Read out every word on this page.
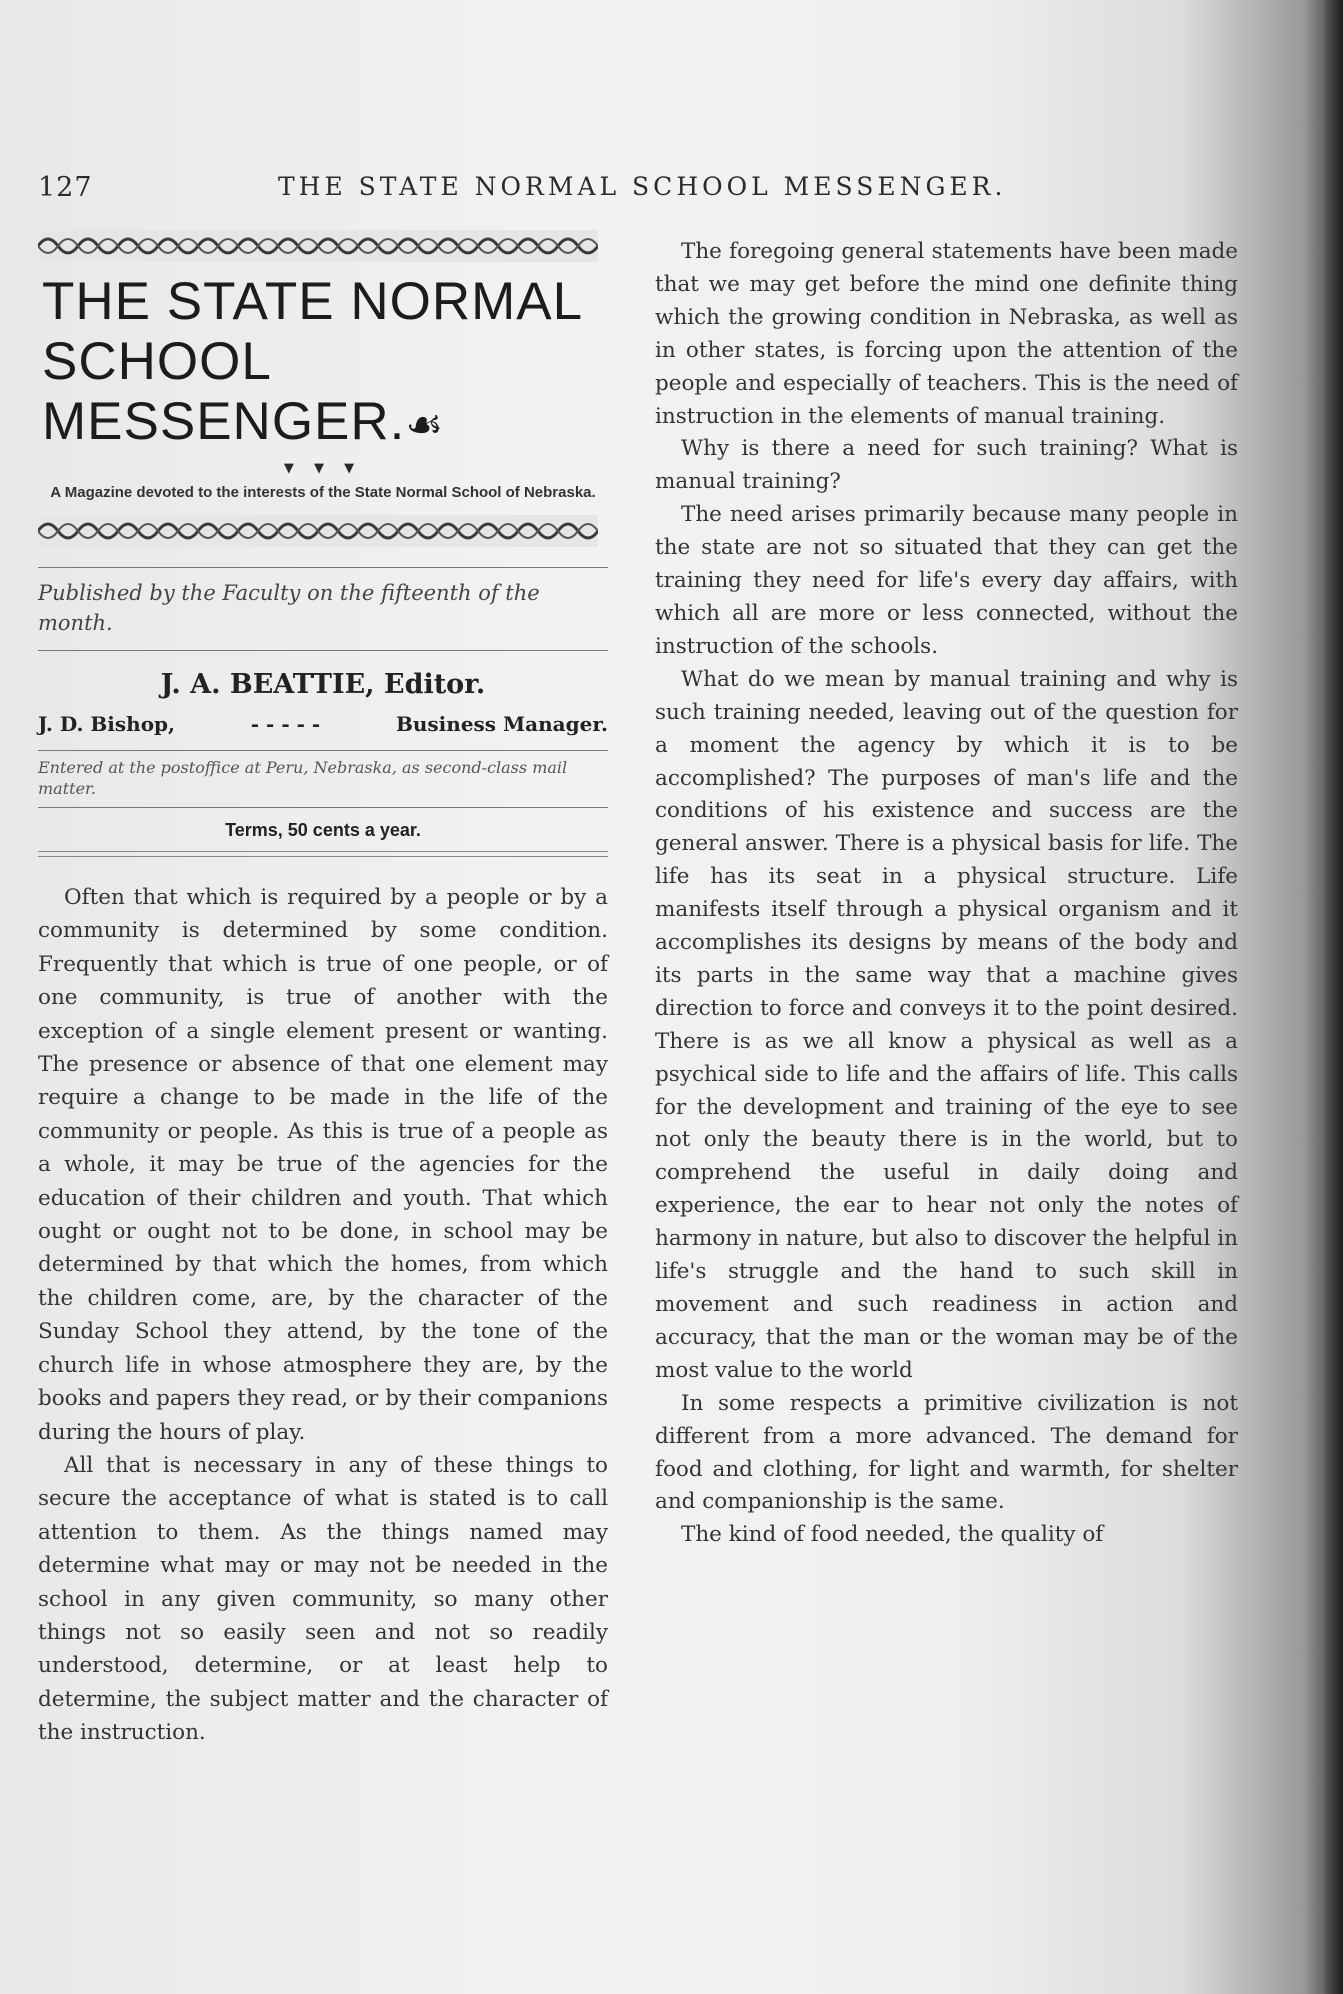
127	THE STATE NORMAL SCHOOL MESSENGER.
THE STATE NORMAL
SCHOOL MESSENGER.☙
▼ ▼ ▼
A Magazine devoted to the interests of the State Normal School of Nebraska.
Published by the Faculty on the fifteenth of the month.
J. A. BEATTIE, Editor.
J. D. Bishop,	- - - - -	Business Manager.
Entered at the postoffice at Peru, Nebraska, as second-class mail matter.
Terms, 50 cents a year.

Often that which is required by a people or by a community is determined by some condition. Frequently that which is true of one people, or of one community, is true of another with the exception of a single element present or wanting. The presence or absence of that one element may require a change to be made in the life of the community or people. As this is true of a people as a whole, it may be true of the agencies for the education of their children and youth. That which ought or ought not to be done, in school may be determined by that which the homes, from which the children come, are, by the character of the Sunday School they attend, by the tone of the church life in whose atmosphere they are, by the books and papers they read, or by their companions during the hours of play.

All that is necessary in any of these things to secure the acceptance of what is stated is to call attention to them. As the things named may determine what may or may not be needed in the school in any given community, so many other things not so easily seen and not so readily understood, determine, or at least help to determine, the subject matter and the character of the instruction.

The foregoing general statements have been made that we may get before the mind one definite thing which the growing condition in Nebraska, as well as in other states, is forcing upon the attention of the people and especially of teachers. This is the need of instruction in the elements of manual training.

Why is there a need for such training? What is manual training?

The need arises primarily because many people in the state are not so situated that they can get the training they need for life's every day affairs, with which all are more or less connected, without the instruction of the schools.

What do we mean by manual training and why is such training needed, leaving out of the question for a moment the agency by which it is to be accomplished? The purposes of man's life and the conditions of his existence and success are the general answer. There is a physical basis for life. The life has its seat in a physical structure. Life manifests itself through a physical organism and it accomplishes its designs by means of the body and its parts in the same way that a machine gives direction to force and conveys it to the point desired. There is as we all know a physical as well as a psychical side to life and the affairs of life. This calls for the development and training of the eye to see not only the beauty there is in the world, but to comprehend the useful in daily doing and experience, the ear to hear not only the notes of harmony in nature, but also to discover the helpful in life's struggle and the hand to such skill in movement and such readiness in action and accuracy, that the man or the woman may be of the most value to the world

In some respects a primitive civilization is not different from a more advanced. The demand for food and clothing, for light and warmth, for shelter and companionship is the same.

The kind of food needed, the quality of
